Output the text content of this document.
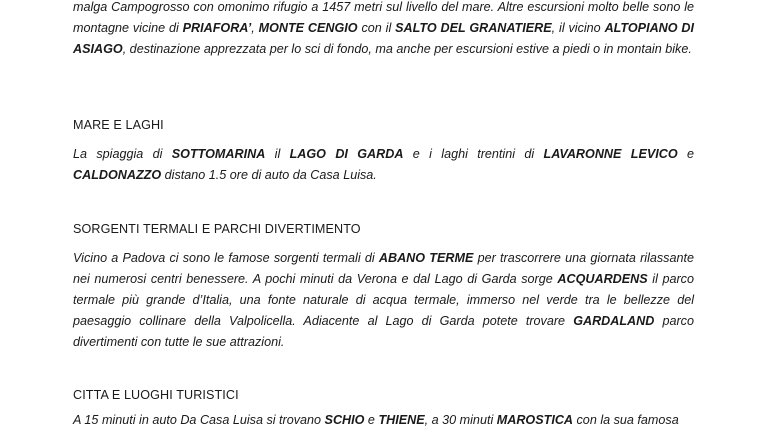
malga Campogrosso con omonimo rifugio a 1457 metri sul livello del mare. Altre escursioni molto belle sono le montagne vicine di PRIAFORA’, MONTE CENGIO con il SALTO DEL GRANATIERE, il vicino ALTOPIANO DI ASIAGO, destinazione apprezzata per lo sci di fondo, ma anche per escursioni estive a piedi o in montain bike.

MARE E LAGHI

La spiaggia di SOTTOMARINA il LAGO DI GARDA e i laghi trentini di LAVARONNE LEVICO e CALDONAZZO distano 1.5 ore di auto da Casa Luisa.

SORGENTI TERMALI E PARCHI DIVERTIMENTO

Vicino a Padova ci sono le famose sorgenti termali di ABANO TERME per trascorrere una giornata rilassante nei numerosi centri benessere. A pochi minuti da Verona e dal Lago di Garda sorge ACQUARDENS il parco termale più grande d’Italia, una fonte naturale di acqua termale, immerso nel verde tra le bellezze del paesaggio collinare della Valpolicella. Adiacente al Lago di Garda potete trovare GARDALAND parco divertimenti con tutte le sue attrazioni.

CITTA E LUOGHI TURISTICI

A 15 minuti in auto Da Casa Luisa si trovano SCHIO e THIENE, a 30 minuti MAROSTICA con la sua famosa
